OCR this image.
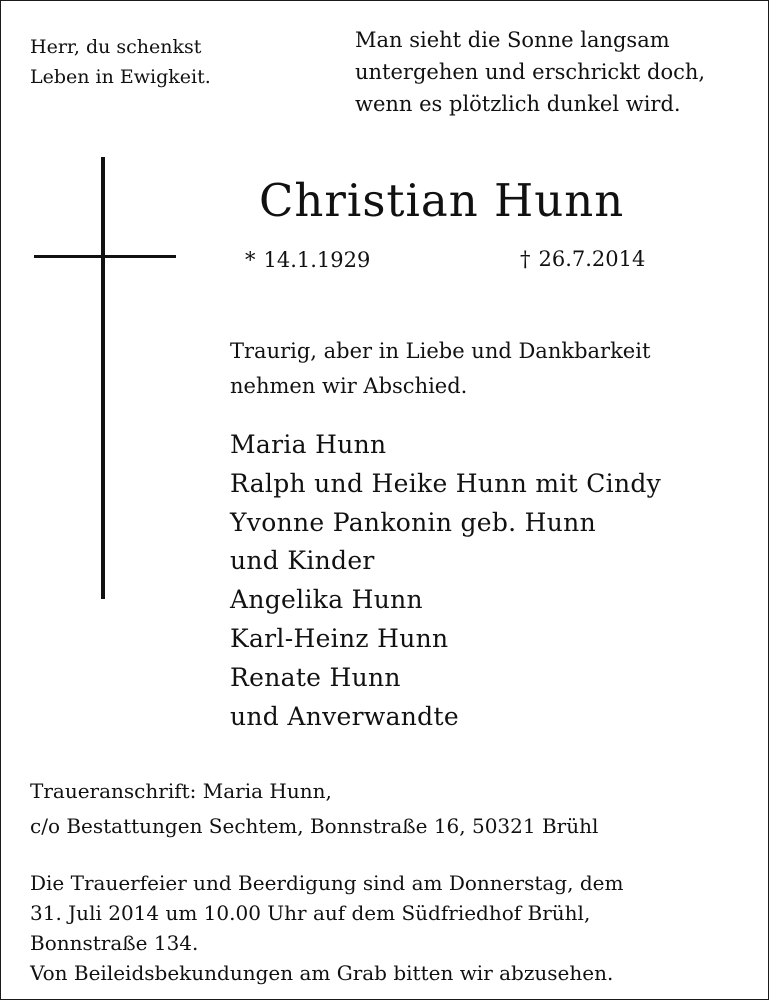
Herr, du schenkst
Leben in Ewigkeit.
Man sieht die Sonne langsam
untergehen und erschrickt doch,
wenn es plötzlich dunkel wird.
Christian Hunn
* 14.1.1929	† 26.7.2014
Traurig, aber in Liebe und Dankbarkeit
nehmen wir Abschied.
Maria Hunn
Ralph und Heike Hunn mit Cindy
Yvonne Pankonin geb. Hunn
und Kinder
Angelika Hunn
Karl-Heinz Hunn
Renate Hunn
und Anverwandte
Traueranschrift: Maria Hunn,
c/o Bestattungen Sechtem, Bonnstraße 16, 50321 Brühl
Die Trauerfeier und Beerdigung sind am Donnerstag, dem
31. Juli 2014 um 10.00 Uhr auf dem Südfriedhof Brühl,
Bonnstraße 134.
Von Beileidsbekundungen am Grab bitten wir abzusehen.
